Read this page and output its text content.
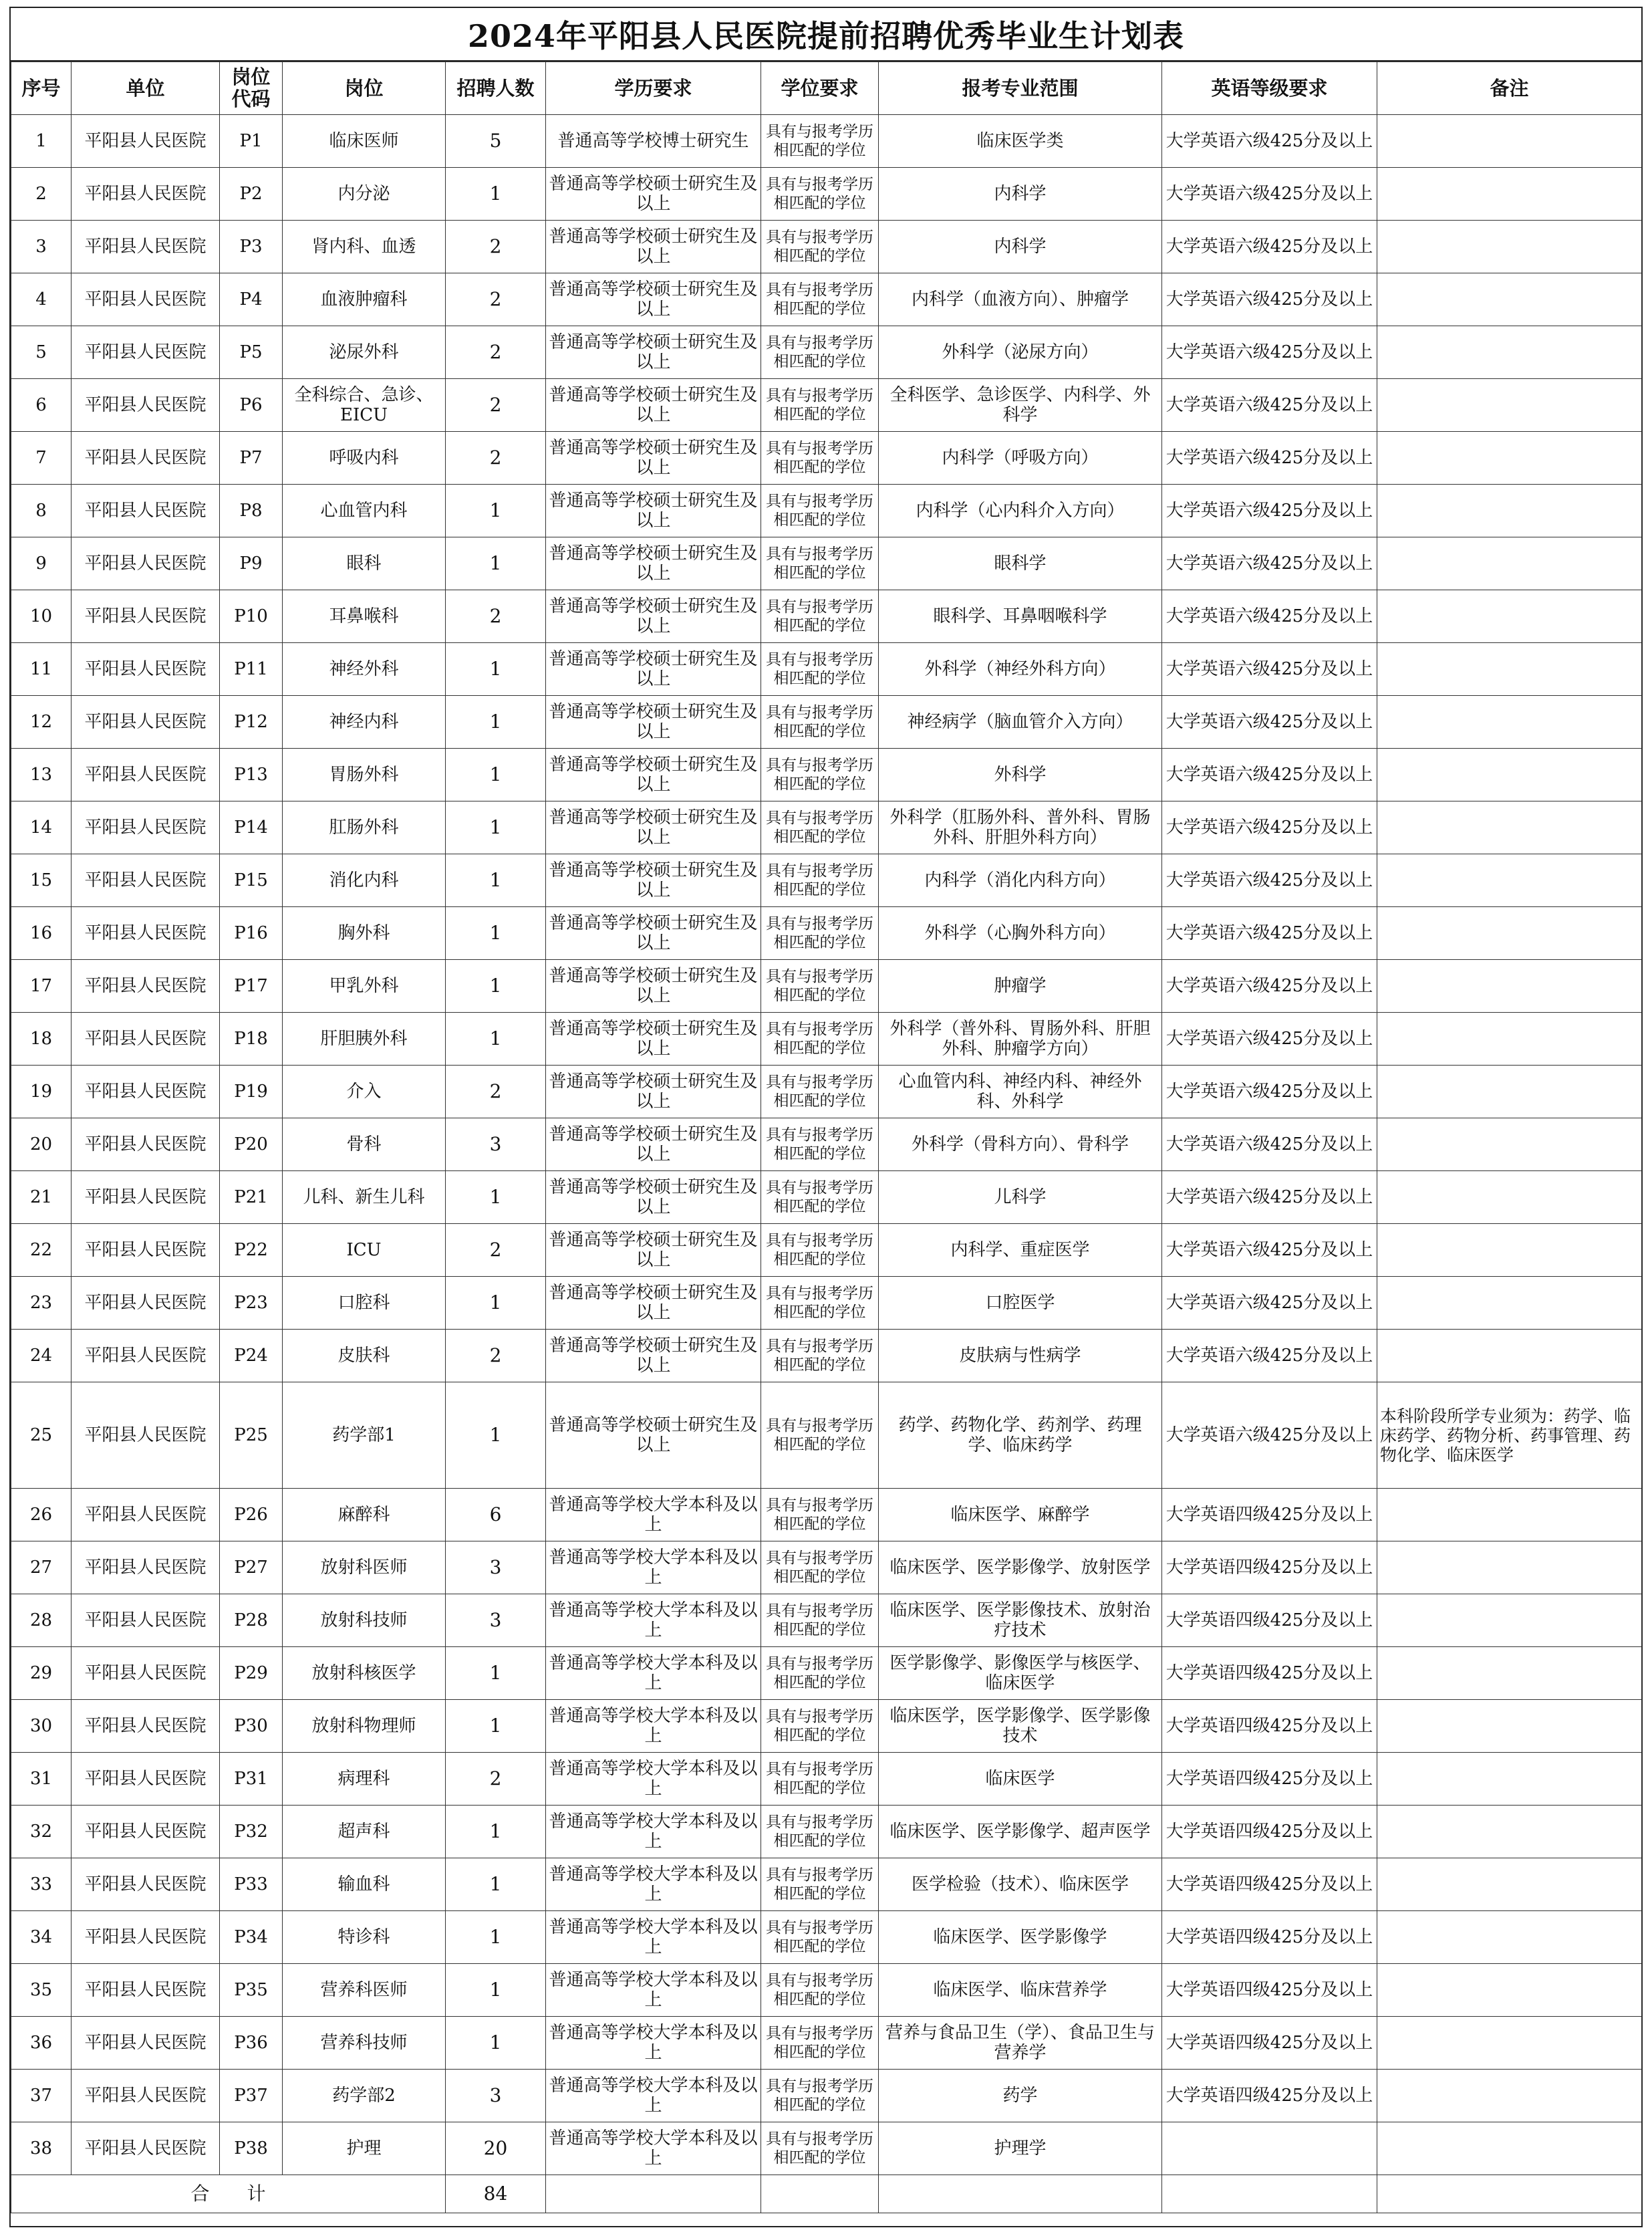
2024年平阳县人民医院提前招聘优秀毕业生计划表
序号	单位	岗位代码	岗位	招聘人数	学历要求	学位要求	报考专业范围	英语等级要求	备注
1	平阳县人民医院	P1	临床医师	5	普通高等学校博士研究生	具有与报考学历相匹配的学位	临床医学类	大学英语六级425分及以上	
2	平阳县人民医院	P2	内分泌	1	普通高等学校硕士研究生及以上	具有与报考学历相匹配的学位	内科学	大学英语六级425分及以上	
3	平阳县人民医院	P3	肾内科、血透	2	普通高等学校硕士研究生及以上	具有与报考学历相匹配的学位	内科学	大学英语六级425分及以上	
4	平阳县人民医院	P4	血液肿瘤科	2	普通高等学校硕士研究生及以上	具有与报考学历相匹配的学位	内科学（血液方向）、肿瘤学	大学英语六级425分及以上	
5	平阳县人民医院	P5	泌尿外科	2	普通高等学校硕士研究生及以上	具有与报考学历相匹配的学位	外科学（泌尿方向）	大学英语六级425分及以上	
6	平阳县人民医院	P6	全科综合、急诊、EICU	2	普通高等学校硕士研究生及以上	具有与报考学历相匹配的学位	全科医学、急诊医学、内科学、外科学	大学英语六级425分及以上	
7	平阳县人民医院	P7	呼吸内科	2	普通高等学校硕士研究生及以上	具有与报考学历相匹配的学位	内科学（呼吸方向）	大学英语六级425分及以上	
8	平阳县人民医院	P8	心血管内科	1	普通高等学校硕士研究生及以上	具有与报考学历相匹配的学位	内科学（心内科介入方向）	大学英语六级425分及以上	
9	平阳县人民医院	P9	眼科	1	普通高等学校硕士研究生及以上	具有与报考学历相匹配的学位	眼科学	大学英语六级425分及以上	
10	平阳县人民医院	P10	耳鼻喉科	2	普通高等学校硕士研究生及以上	具有与报考学历相匹配的学位	眼科学、耳鼻咽喉科学	大学英语六级425分及以上	
11	平阳县人民医院	P11	神经外科	1	普通高等学校硕士研究生及以上	具有与报考学历相匹配的学位	外科学（神经外科方向）	大学英语六级425分及以上	
12	平阳县人民医院	P12	神经内科	1	普通高等学校硕士研究生及以上	具有与报考学历相匹配的学位	神经病学（脑血管介入方向）	大学英语六级425分及以上	
13	平阳县人民医院	P13	胃肠外科	1	普通高等学校硕士研究生及以上	具有与报考学历相匹配的学位	外科学	大学英语六级425分及以上	
14	平阳县人民医院	P14	肛肠外科	1	普通高等学校硕士研究生及以上	具有与报考学历相匹配的学位	外科学（肛肠外科、普外科、胃肠外科、肝胆外科方向）	大学英语六级425分及以上	
15	平阳县人民医院	P15	消化内科	1	普通高等学校硕士研究生及以上	具有与报考学历相匹配的学位	内科学（消化内科方向）	大学英语六级425分及以上	
16	平阳县人民医院	P16	胸外科	1	普通高等学校硕士研究生及以上	具有与报考学历相匹配的学位	外科学（心胸外科方向）	大学英语六级425分及以上	
17	平阳县人民医院	P17	甲乳外科	1	普通高等学校硕士研究生及以上	具有与报考学历相匹配的学位	肿瘤学	大学英语六级425分及以上	
18	平阳县人民医院	P18	肝胆胰外科	1	普通高等学校硕士研究生及以上	具有与报考学历相匹配的学位	外科学（普外科、胃肠外科、肝胆外科、肿瘤学方向）	大学英语六级425分及以上	
19	平阳县人民医院	P19	介入	2	普通高等学校硕士研究生及以上	具有与报考学历相匹配的学位	心血管内科、神经内科、神经外科、外科学	大学英语六级425分及以上	
20	平阳县人民医院	P20	骨科	3	普通高等学校硕士研究生及以上	具有与报考学历相匹配的学位	外科学（骨科方向）、骨科学	大学英语六级425分及以上	
21	平阳县人民医院	P21	儿科、新生儿科	1	普通高等学校硕士研究生及以上	具有与报考学历相匹配的学位	儿科学	大学英语六级425分及以上	
22	平阳县人民医院	P22	ICU	2	普通高等学校硕士研究生及以上	具有与报考学历相匹配的学位	内科学、重症医学	大学英语六级425分及以上	
23	平阳县人民医院	P23	口腔科	1	普通高等学校硕士研究生及以上	具有与报考学历相匹配的学位	口腔医学	大学英语六级425分及以上	
24	平阳县人民医院	P24	皮肤科	2	普通高等学校硕士研究生及以上	具有与报考学历相匹配的学位	皮肤病与性病学	大学英语六级425分及以上	
25	平阳县人民医院	P25	药学部1	1	普通高等学校硕士研究生及以上	具有与报考学历相匹配的学位	药学、药物化学、药剂学、药理学、临床药学	大学英语六级425分及以上	本科阶段所学专业须为：药学、临床药学、药物分析、药事管理、药物化学、临床医学
26	平阳县人民医院	P26	麻醉科	6	普通高等学校大学本科及以上	具有与报考学历相匹配的学位	临床医学、麻醉学	大学英语四级425分及以上	
27	平阳县人民医院	P27	放射科医师	3	普通高等学校大学本科及以上	具有与报考学历相匹配的学位	临床医学、医学影像学、放射医学	大学英语四级425分及以上	
28	平阳县人民医院	P28	放射科技师	3	普通高等学校大学本科及以上	具有与报考学历相匹配的学位	临床医学、医学影像技术、放射治疗技术	大学英语四级425分及以上	
29	平阳县人民医院	P29	放射科核医学	1	普通高等学校大学本科及以上	具有与报考学历相匹配的学位	医学影像学、影像医学与核医学、临床医学	大学英语四级425分及以上	
30	平阳县人民医院	P30	放射科物理师	1	普通高等学校大学本科及以上	具有与报考学历相匹配的学位	临床医学，医学影像学、医学影像技术	大学英语四级425分及以上	
31	平阳县人民医院	P31	病理科	2	普通高等学校大学本科及以上	具有与报考学历相匹配的学位	临床医学	大学英语四级425分及以上	
32	平阳县人民医院	P32	超声科	1	普通高等学校大学本科及以上	具有与报考学历相匹配的学位	临床医学、医学影像学、超声医学	大学英语四级425分及以上	
33	平阳县人民医院	P33	输血科	1	普通高等学校大学本科及以上	具有与报考学历相匹配的学位	医学检验（技术）、临床医学	大学英语四级425分及以上	
34	平阳县人民医院	P34	特诊科	1	普通高等学校大学本科及以上	具有与报考学历相匹配的学位	临床医学、医学影像学	大学英语四级425分及以上	
35	平阳县人民医院	P35	营养科医师	1	普通高等学校大学本科及以上	具有与报考学历相匹配的学位	临床医学、临床营养学	大学英语四级425分及以上	
36	平阳县人民医院	P36	营养科技师	1	普通高等学校大学本科及以上	具有与报考学历相匹配的学位	营养与食品卫生（学）、食品卫生与营养学	大学英语四级425分及以上	
37	平阳县人民医院	P37	药学部2	3	普通高等学校大学本科及以上	具有与报考学历相匹配的学位	药学	大学英语四级425分及以上	
38	平阳县人民医院	P38	护理	20	普通高等学校大学本科及以上	具有与报考学历相匹配的学位	护理学		
合　　计				84					
